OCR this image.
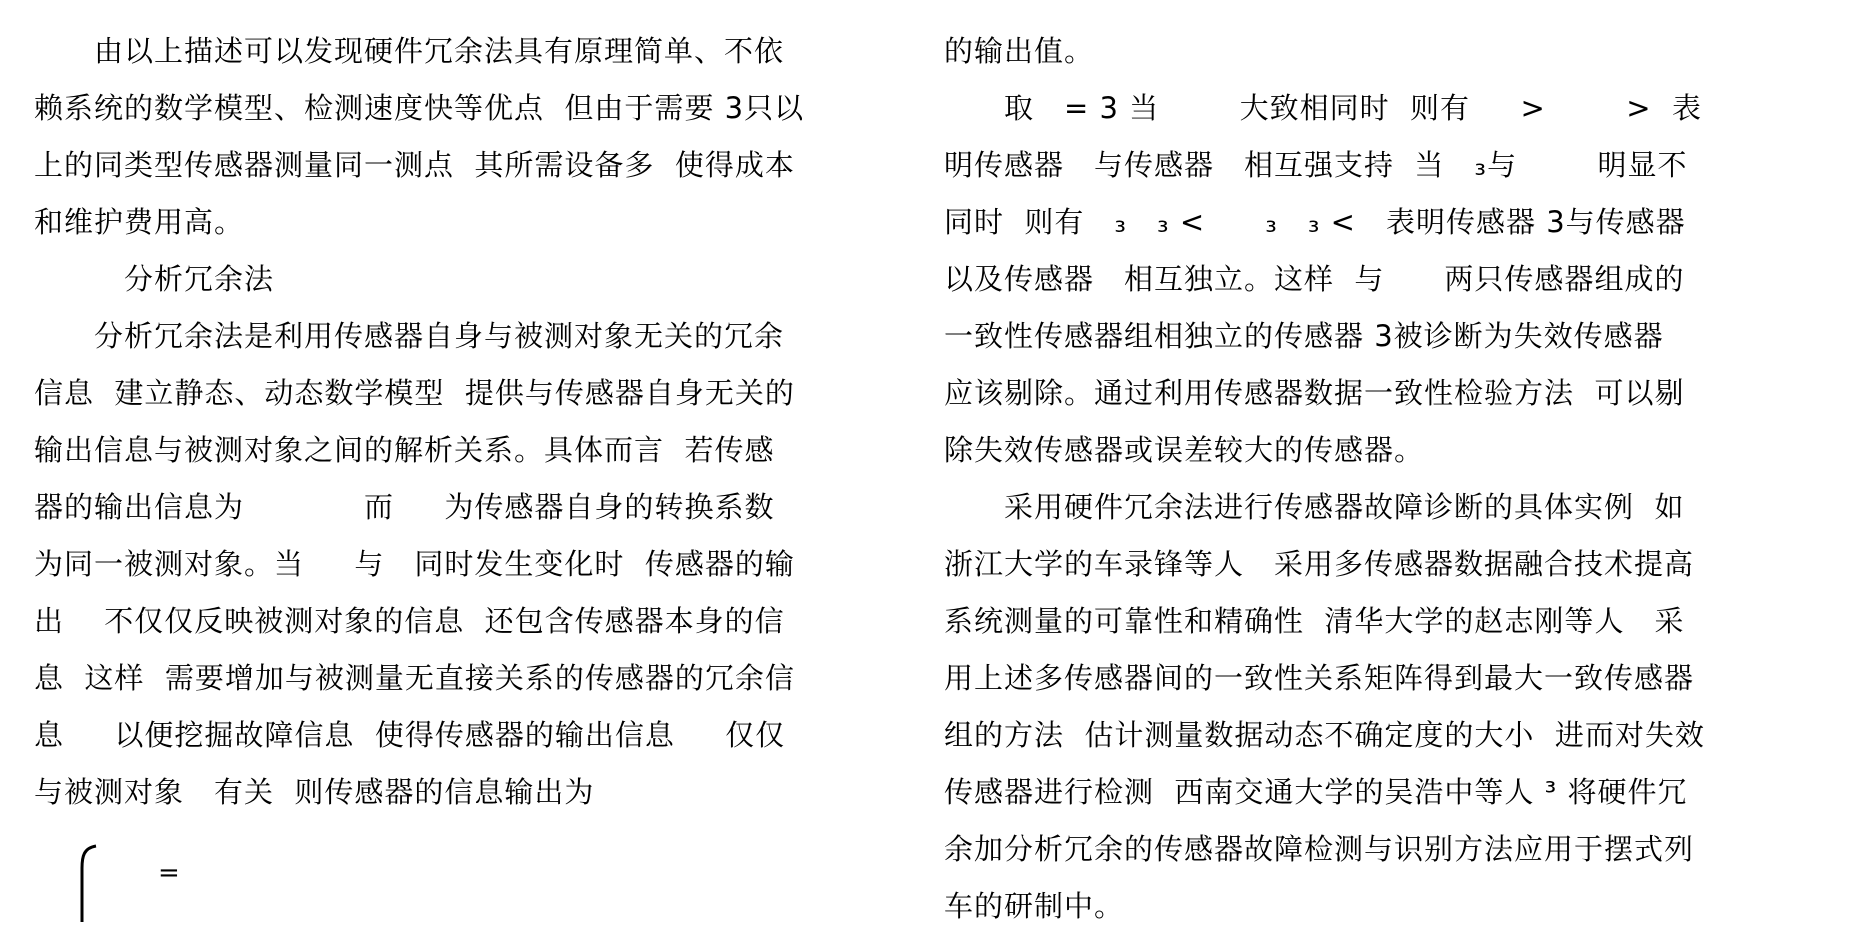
　　由以上描述可以发现硬件冗余法具有原理简单、不依
赖系统的数学模型、检测速度快等优点  但由于需要 3只以
上的同类型传感器测量同一测点  其所需设备多  使得成本
和维护费用高。
　　　分析冗余法
　　分析冗余法是利用传感器自身与被测对象无关的冗余
信息  建立静态、动态数学模型  提供与传感器自身无关的
输出信息与被测对象之间的解析关系。具体而言  若传感
器的输出信息为　　　　而　  为传感器自身的转换系数
为同一被测对象。当　  与　同时发生变化时  传感器的输
出　 不仅仅反映被测对象的信息  还包含传感器本身的信
息  这样  需要增加与被测量无直接关系的传感器的冗余信
息　  以便挖掘故障信息  使得传感器的输出信息　  仅仅
与被测对象　有关  则传感器的信息输出为
=
的输出值。
　　取　= 3 当　　  大致相同时  则有　  >　　  >  表
明传感器　与传感器　相互强支持  当　₃与　　  明显不
同时  则有　₃　₃ <　　₃　₃ <　表明传感器 3与传感器
以及传感器　相互独立。这样  与　　两只传感器组成的
一致性传感器组相独立的传感器 3被诊断为失效传感器
应该剔除。通过利用传感器数据一致性检验方法  可以剔
除失效传感器或误差较大的传感器。
　　采用硬件冗余法进行传感器故障诊断的具体实例  如
浙江大学的车录锋等人　采用多传感器数据融合技术提高
系统测量的可靠性和精确性  清华大学的赵志刚等人　采
用上述多传感器间的一致性关系矩阵得到最大一致传感器
组的方法  估计测量数据动态不确定度的大小  进而对失效
传感器进行检测  西南交通大学的吴浩中等人 ³ 将硬件冗
余加分析冗余的传感器故障检测与识别方法应用于摆式列
车的研制中。
